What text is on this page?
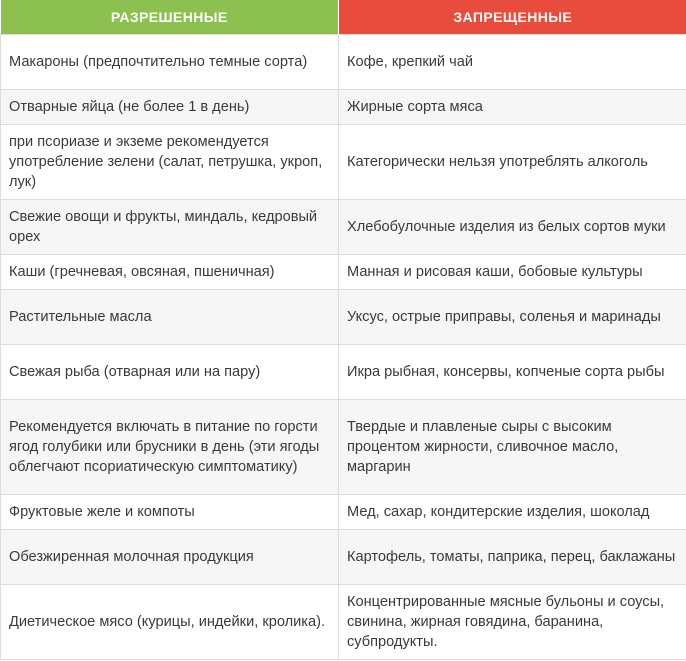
РАЗРЕШЕННЫЕ	ЗАПРЕЩЕННЫЕ
Макароны (предпочтительно темные сорта)	Кофе, крепкий чай
Отварные яйца (не более 1 в день)	Жирные сорта мяса
при псориазе и экземе рекомендуется употребление зелени (салат, петрушка, укроп, лук)	Категорически нельзя употреблять алкоголь
Свежие овощи и фрукты, миндаль, кедровый орех	Хлебобулочные изделия из белых сортов муки
Каши (гречневая, овсяная, пшеничная)	Манная и рисовая каши, бобовые культуры
Растительные масла	Уксус, острые приправы, соленья и маринады
Свежая рыба (отварная или на пару)	Икра рыбная, консервы, копченые сорта рыбы
Рекомендуется включать в питание по горсти ягод голубики или брусники в день (эти ягоды облегчают псориатическую симптоматику)	Твердые и плавленые сыры с высоким процентом жирности, сливочное масло, маргарин
Фруктовые желе и компоты	Мед, сахар, кондитерские изделия, шоколад
Обезжиренная молочная продукция	Картофель, томаты, паприка, перец, баклажаны
Диетическое мясо (курицы, индейки, кролика).	Концентрированные мясные бульоны и соусы, свинина, жирная говядина, баранина, субпродукты.
